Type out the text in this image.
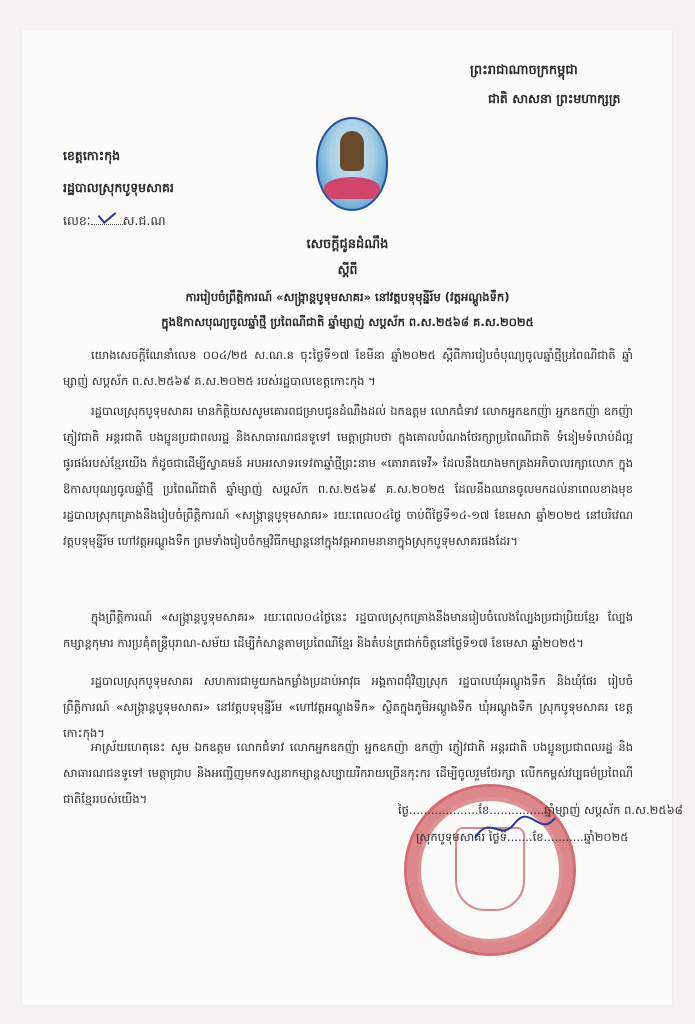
ព្រះរាជាណាចក្រកម្ពុជា
ជាតិ សាសនា ព្រះមហាក្សត្រ
ខេត្តកោះកុង
រដ្ឋបាលស្រុកបូទុមសាគរ
លេខៈ	ស.ជ.ណ
សេចក្តីជូនដំណឹង
ស្តីពី
ការរៀបចំព្រឹត្តិការណ៍ «សង្ក្រាន្តបូទុមសាគរ» នៅវត្តបទុមុន្នីរ៍ម (វត្តអណ្ដូងទឹក)
ក្នុងឱកាសបុណ្យចូលឆ្នាំថ្មី ប្រពៃណីជាតិ ឆ្នាំម្សាញ់ សប្តស័ក ព.ស.២៥៦៨ គ.ស.២០២៥

យោងសេចក្តីណែនាំលេខ ០០៤/២៥ ស.ណ.ន ចុះថ្ងៃទី១៧ ខែមីនា ឆ្នាំ២០២៥ ស្តីពីការរៀបចំបុណ្យចូលឆ្នាំថ្មីប្រពៃណីជាតិ ឆ្នាំម្សាញ់ សប្តស័ក ព.ស.២៥៦៩ គ.ស.២០២៥ របស់រដ្ឋបាលខេត្តកោះកុង ។

រដ្ឋបាលស្រុកបូទុមសាគរ មានកិត្តិយសសូមគោរពជម្រាបជូនដំណឹងដល់ ឯកឧត្តម លោកជំទាវ លោកអ្នកឧកញ៉ា អ្នកឧកញ៉ា ឧកញ៉ា ភ្ញៀវជាតិ អន្តរជាតិ បងប្អូនប្រជាពលរដ្ឋ និងសាធារណជនទូទៅ មេត្តាជ្រាបថា ក្នុងគោលបំណងថែរក្សាប្រពៃណីជាតិ ទំនៀមទំលាប់ដ៏ល្អផូរផង់របស់ខ្មែរយើង ក៏ដូចជាដើម្បីស្វាគមន៍ អបអរសាទរទេវតាឆ្នាំថ្មីព្រះនាម «គោរាគទេវី» ដែលនឹងយាងមកគ្រងអភិបាលរក្សាលោក ក្នុងឱកាសបុណ្យចូលឆ្នាំថ្មី ប្រពៃណីជាតិ ឆ្នាំម្សាញ់ សប្តស័ក ព.ស.២៥៦៩ គ.ស.២០២៥ ដែលនឹងឈានចូលមកដល់នាពេលខាងមុខ រដ្ឋបាលស្រុកគ្រោងនឹងរៀបចំព្រឹត្តិការណ៍ «សង្ក្រាន្តបូទុមសាគរ» រយៈពេល០៤ថ្ងៃ ចាប់ពីថ្ងៃទី១៤-១៧ ខែមេសា ឆ្នាំ២០២៥ នៅបរិវេណវត្តបទុមុន្នីរ៍ម ហៅវត្តអណ្ដូងទឹក ព្រមទាំងរៀបចំកម្មវិធីកម្សាន្តនៅក្នុងវត្តអារាមនានាក្នុងស្រុកបូទុមសាគរផងដែរ។

ក្នុងព្រឹត្តិការណ៍ «សង្ក្រាន្តបូទុមសាគរ» រយៈពេល០៤ថ្ងៃនេះ រដ្ឋបាលស្រុកគ្រោងនឹងមានរៀបចំលេងល្បែងប្រជាប្រិយខ្មែរ ល្បែងកម្សាន្តកុមារ ការប្រគុំតន្ត្រីបុរាណ-សម័យ ដើម្បីកំសាន្តតាមប្រពៃណីខ្មែរ និងតំបន់ត្រជាក់ចិត្តនៅថ្ងៃទី១៧ ខែមេសា ឆ្នាំ២០២៥។

រដ្ឋបាលស្រុកបូទុមសាគរ សហការជាមួយកងកម្លាំងប្រដាប់អាវុធ អង្គភាពជុំវិញស្រុក រដ្ឋបាលឃុំអណ្ដូងទឹក និងឃុំផែរ រៀបចំព្រឹត្តិការណ៍ «សង្ក្រាន្តបូទុមសាគរ» នៅវត្តបទុមុន្នីរ៍ម «ហៅវត្តអណ្ដូងទឹក» ស្ថិតក្នុងភូមិអណ្ដូងទឹក ឃុំអណ្ដូងទឹក ស្រុកបូទុមសាគរ ខេត្តកោះកុង។

អាស្រ័យហេតុនេះ សូម ឯកឧត្តម លោកជំទាវ លោកអ្នកឧកញ៉ា អ្នកឧកញ៉ា ឧកញ៉ា ភ្ញៀវជាតិ អន្តរជាតិ បងប្អូនប្រជាពលរដ្ឋ និងសាធារណជនទូទៅ មេត្តាជ្រាប និងអញ្ជើញមកទស្សនាកម្សាន្តសប្បាយរីករាយច្រើនកុះករ ដើម្បីចូលរួមថែរក្សា លើកកម្ពស់វប្បធម៌ប្រពៃណីជាតិខ្មែររបស់យើង។

ថ្ងៃ...................ខែ...............ឆ្នាំម្សាញ់ សប្តស័ក ព.ស.២៥៦៨
ស្រុកបូទុមសាគរ ថ្ងៃទី.......ខែ...........ឆ្នាំ២០២៥
